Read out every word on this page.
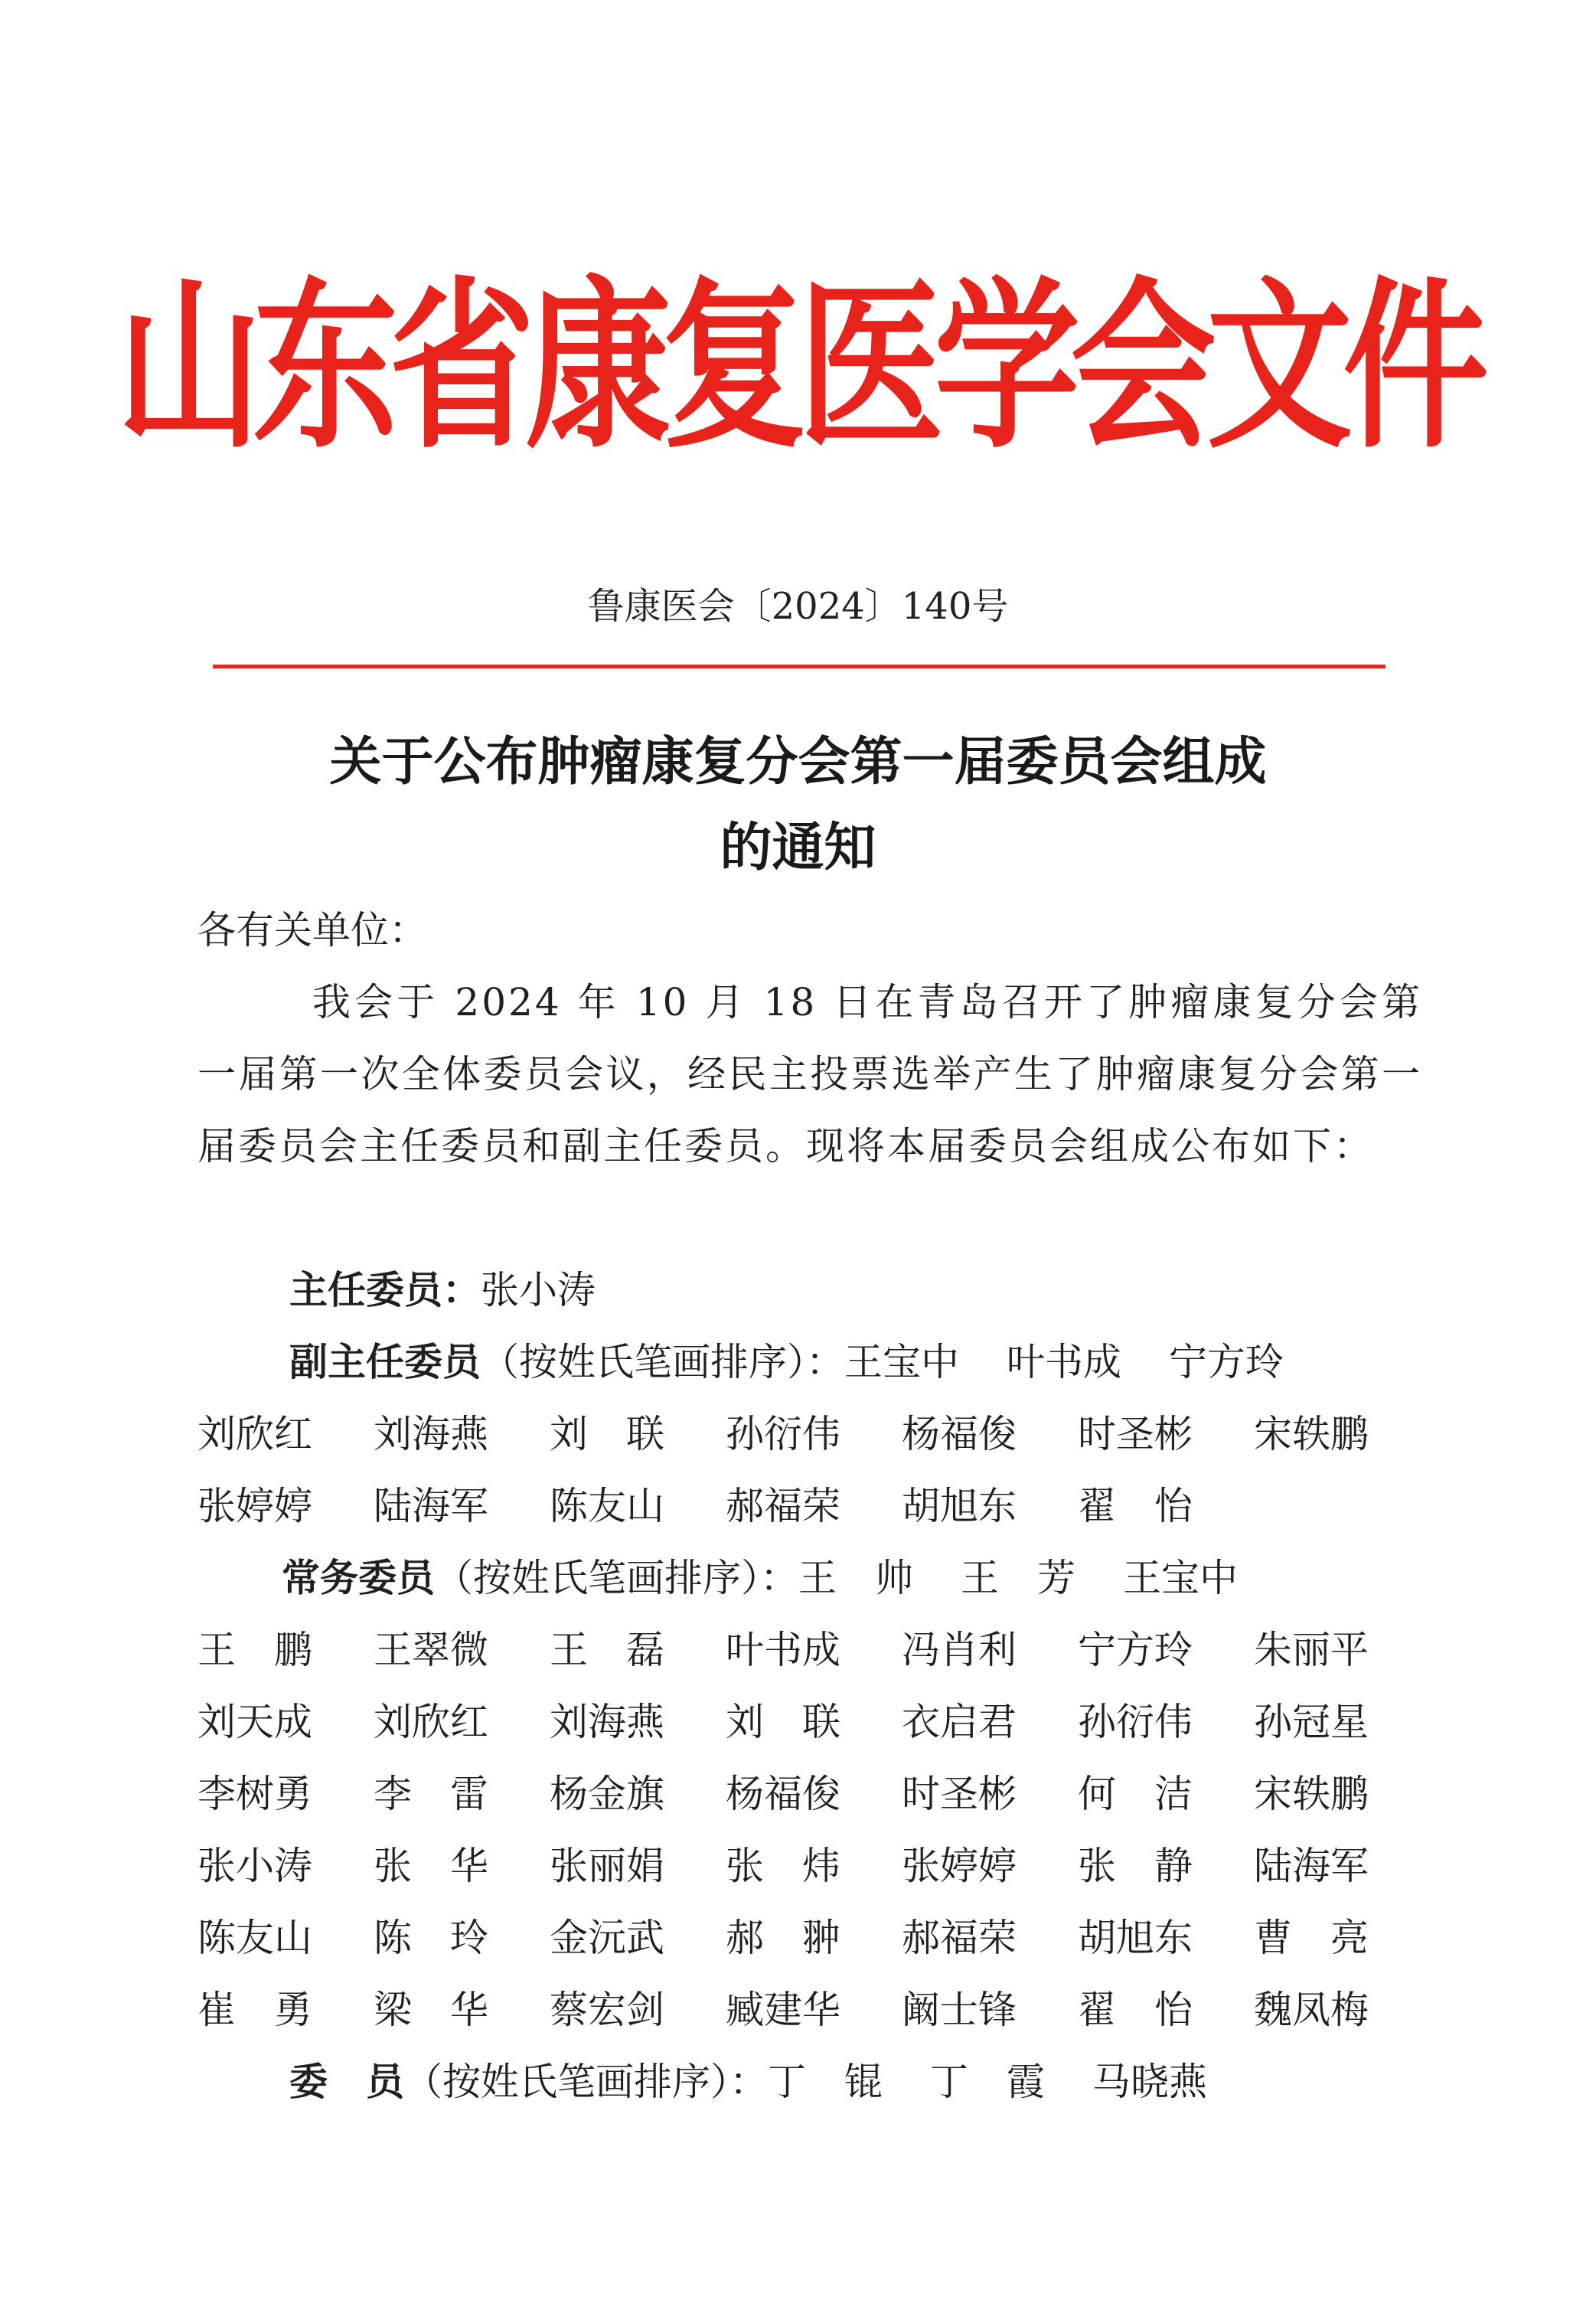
山东省康复医学会文件
鲁康医会〔2024〕140号
关于公布肿瘤康复分会第一届委员会组成
的通知
各有关单位：
我会于 2024 年 10 月 18 日在青岛召开了肿瘤康复分会第一届第一次全体委员会议，经民主投票选举产生了肿瘤康复分会第一届委员会主任委员和副主任委员。现将本届委员会组成公布如下：
主任委员：张小涛
副主任委员（按姓氏笔画排序）：王宝中 叶书成 宁方玲
刘欣红	刘海燕	刘　联	孙衍伟	杨福俊	时圣彬	宋轶鹏
张婷婷	陆海军	陈友山	郝福荣	胡旭东	翟　怡
常务委员（按姓氏笔画排序）：王　帅 王　芳 王宝中
王　鹏	王翠微	王　磊	叶书成	冯肖利	宁方玲	朱丽平
刘天成	刘欣红	刘海燕	刘　联	衣启君	孙衍伟	孙冠星
李树勇	李　雷	杨金旗	杨福俊	时圣彬	何　洁	宋轶鹏
张小涛	张　华	张丽娟	张　炜	张婷婷	张　静	陆海军
陈友山	陈　玲	金沅武	郝　翀	郝福荣	胡旭东	曹　亮
崔　勇	梁　华	蔡宏剑	臧建华	阚士锋	翟　怡	魏凤梅
委　员（按姓氏笔画排序）：丁　锟 丁　霞 马晓燕
